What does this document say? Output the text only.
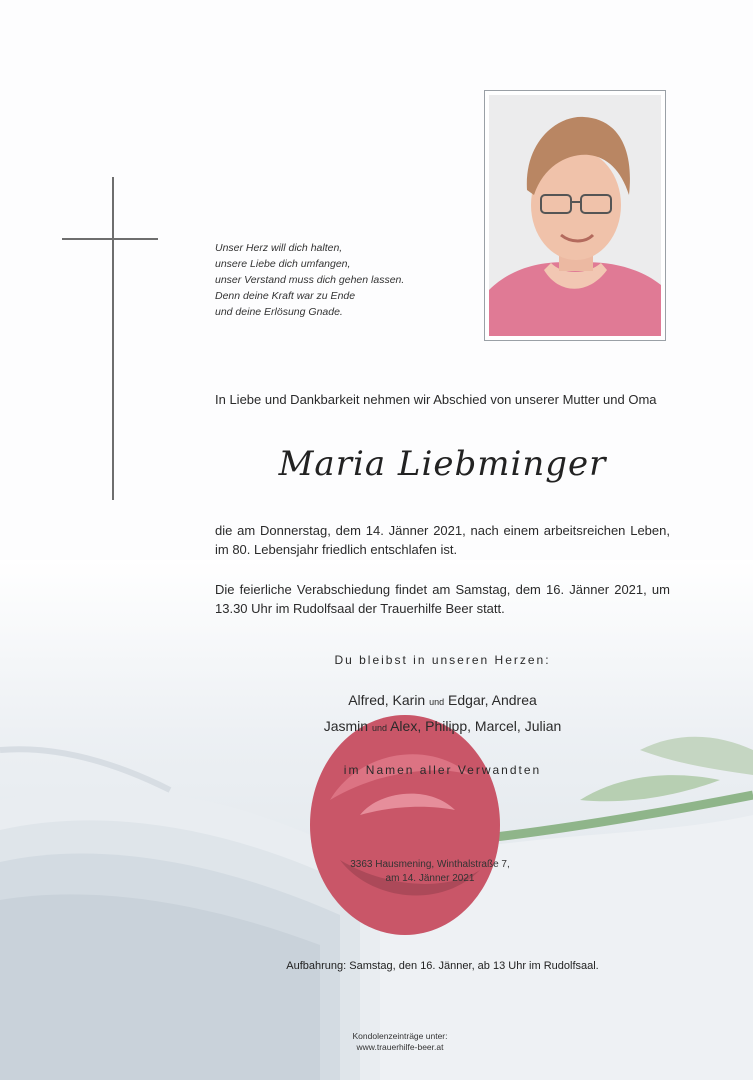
Unser Herz will dich halten,
unsere Liebe dich umfangen,
unser Verstand muss dich gehen lassen.
Denn deine Kraft war zu Ende
und deine Erlösung Gnade.
In Liebe und Dankbarkeit nehmen wir Abschied von unserer Mutter und Oma
Maria Liebminger
die am Donnerstag, dem 14. Jänner 2021, nach einem arbeitsreichen Leben, im 80. Lebensjahr friedlich entschlafen ist.
Die feierliche Verabschiedung findet am Samstag, dem 16. Jänner 2021, um 13.30 Uhr im Rudolfsaal der Trauerhilfe Beer statt.
Du bleibst in unseren Herzen:
Alfred, Karin und Edgar, Andrea
Jasmin und Alex, Philipp, Marcel, Julian
im Namen aller Verwandten
3363 Hausmening, Winthalstraße 7,
am 14. Jänner 2021
Aufbahrung: Samstag, den 16. Jänner, ab 13 Uhr im Rudolfsaal.
Kondolenzeinträge unter:
www.trauerhilfe-beer.at
